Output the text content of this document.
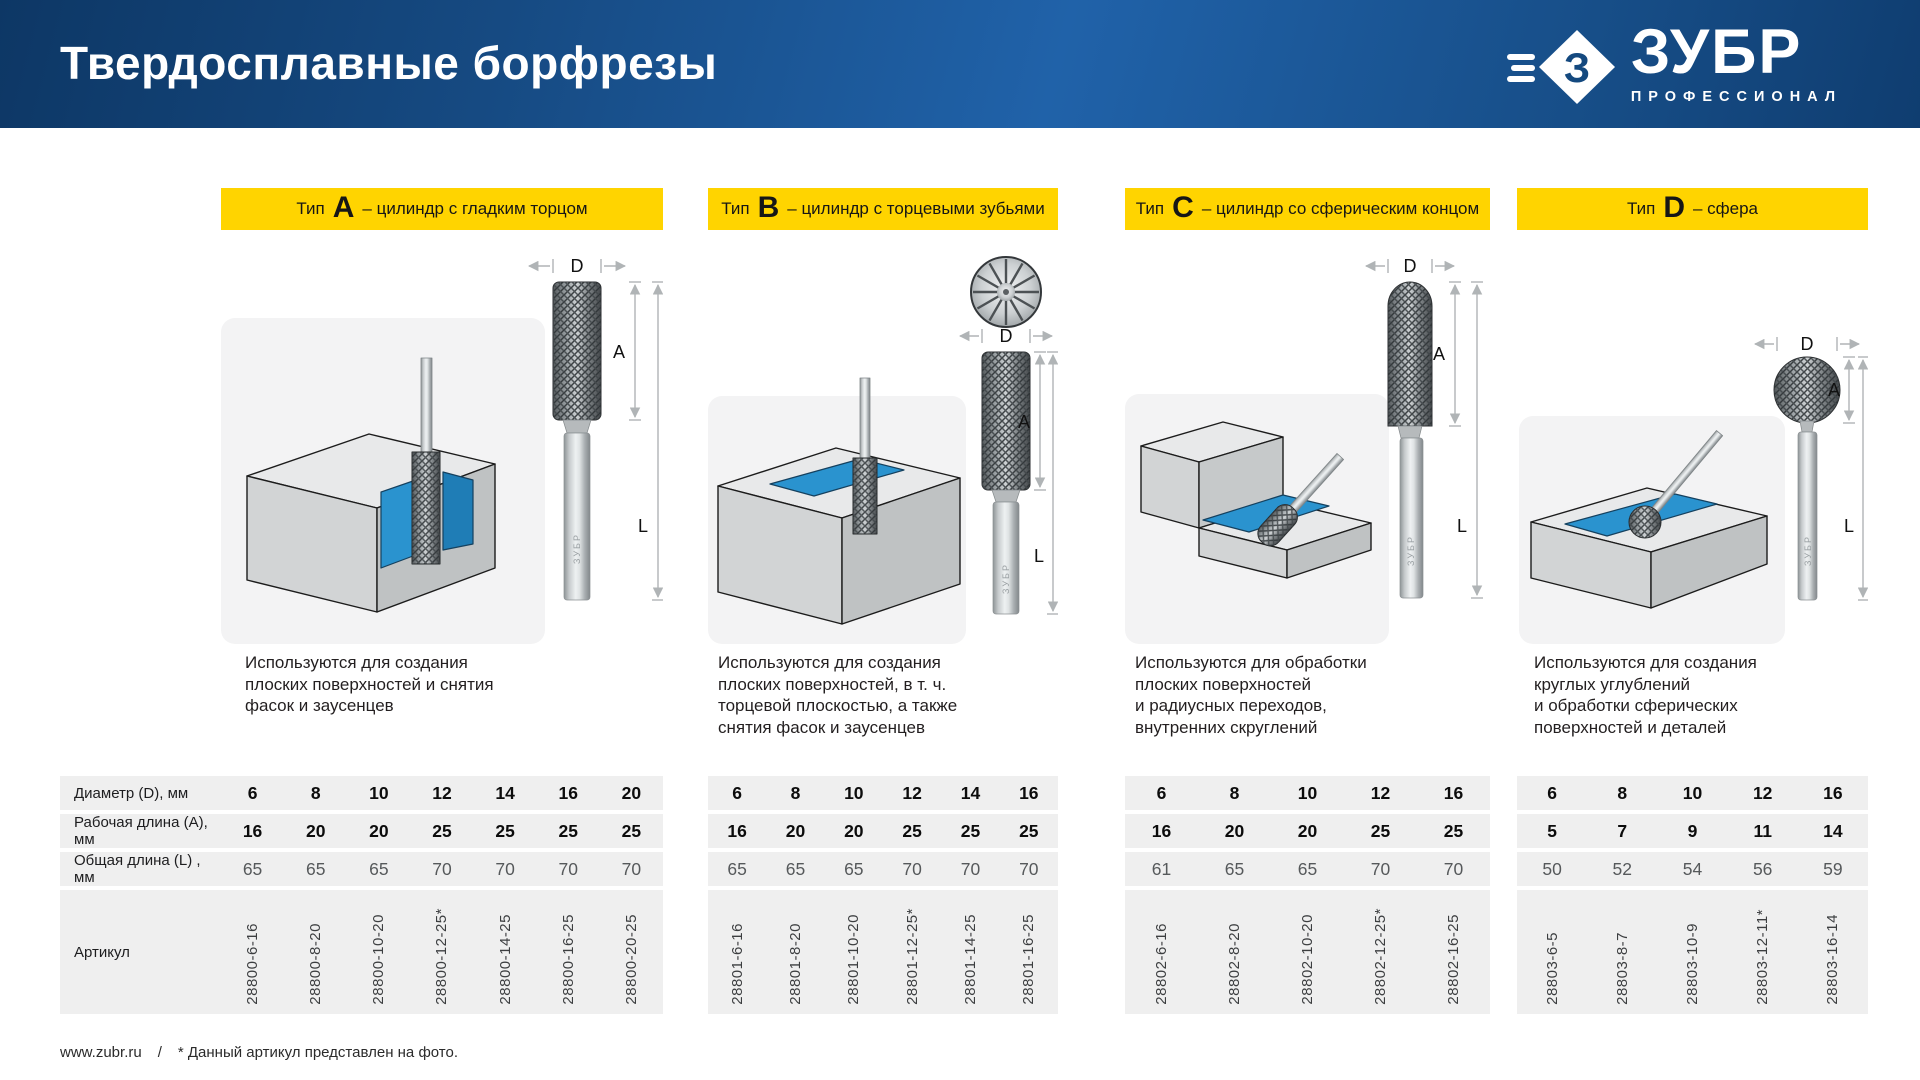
Твердосплавные борфрезы	З ЗУБР
ПРОФЕССИОНАЛ
Тип A – цилиндр с гладким торцом	Тип B – цилиндр с торцевыми зубьями	Тип C – цилиндр со сферическим концом	Тип D – сфера
D
ЗУБР
A
L
D
ЗУБР
A
L
D
ЗУБР
A
L
D
ЗУБР
A
L
Используются для создания
плоских поверхностей и снятия
фасок и заусенцев
Используются для создания
плоских поверхностей, в т. ч.
торцевой плоскостью, а также
снятия фасок и заусенцев
Используются для обработки
плоских поверхностей
и радиусных переходов,
внутренних скруглений
Используются для создания
круглых углублений
и обработки сферических
поверхностей и деталей
Диаметр (D), мм
Рабочая длина (A), мм
Общая длина (L) , мм
Артикул
6	8	10 12 14 16 20
16 20 20 25 25 25 25
65 65 65 70 70 70 70
28800-6-16	28800-8-20	28800-10-20	28800-12-25*	28800-14-25	28800-16-25	28800-20-25
6	8 10 12 14 16
16 20 20 25 25 25
65 65 65 70 70 70
28801-6-16	28801-8-20	28801-10-20	28801-12-25*	28801-14-25	28801-16-25
6	8	10	12	16
16	20	20	25	25
61	65	65	70	70
28802-6-16	28802-8-20	28802-10-20	28802-12-25*	28802-16-25
6	8	10	12	16
5	7	9	11	14
50	52	54	56	59
28803-6-5	28803-8-7	28803-10-9	28803-12-11*	28803-16-14
www.zubr.ru / * Данный артикул представлен на фото.
